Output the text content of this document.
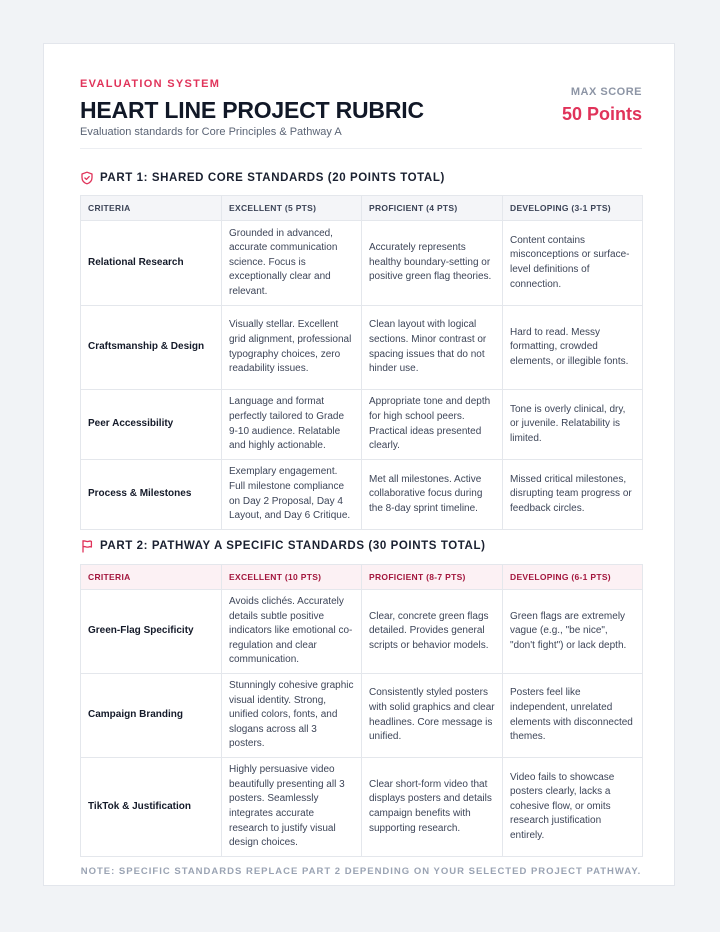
EVALUATION SYSTEM
HEART LINE PROJECT RUBRIC
Evaluation standards for Core Principles & Pathway A
MAX SCORE
50 Points
PART 1: SHARED CORE STANDARDS (20 POINTS TOTAL)
CRITERIA	EXCELLENT (5 PTS)	PROFICIENT (4 PTS)	DEVELOPING (3-1 PTS)
Relational Research	Grounded in advanced, accurate communication science. Focus is exceptionally clear and relevant.	Accurately represents healthy boundary-setting or positive green flag theories.	Content contains misconceptions or surface-level definitions of connection.
Craftsmanship & Design	Visually stellar. Excellent grid alignment, professional typography choices, zero readability issues.	Clean layout with logical sections. Minor contrast or spacing issues that do not hinder use.	Hard to read. Messy formatting, crowded elements, or illegible fonts.
Peer Accessibility	Language and format perfectly tailored to Grade 9-10 audience. Relatable and highly actionable.	Appropriate tone and depth for high school peers. Practical ideas presented clearly.	Tone is overly clinical, dry, or juvenile. Relatability is limited.
Process & Milestones	Exemplary engagement. Full milestone compliance on Day 2 Proposal, Day 4 Layout, and Day 6 Critique.	Met all milestones. Active collaborative focus during the 8-day sprint timeline.	Missed critical milestones, disrupting team progress or feedback circles.
PART 2: PATHWAY A SPECIFIC STANDARDS (30 POINTS TOTAL)
CRITERIA	EXCELLENT (10 PTS)	PROFICIENT (8-7 PTS)	DEVELOPING (6-1 PTS)
Green-Flag Specificity	Avoids clichés. Accurately details subtle positive indicators like emotional co-regulation and clear communication.	Clear, concrete green flags detailed. Provides general scripts or behavior models.	Green flags are extremely vague (e.g., "be nice", "don't fight") or lack depth.
Campaign Branding	Stunningly cohesive graphic visual identity. Strong, unified colors, fonts, and slogans across all 3 posters.	Consistently styled posters with solid graphics and clear headlines. Core message is unified.	Posters feel like independent, unrelated elements with disconnected themes.
TikTok & Justification	Highly persuasive video beautifully presenting all 3 posters. Seamlessly integrates accurate research to justify visual design choices.	Clear short-form video that displays posters and details campaign benefits with supporting research.	Video fails to showcase posters clearly, lacks a cohesive flow, or omits research justification entirely.
NOTE: SPECIFIC STANDARDS REPLACE PART 2 DEPENDING ON YOUR SELECTED PROJECT PATHWAY.
